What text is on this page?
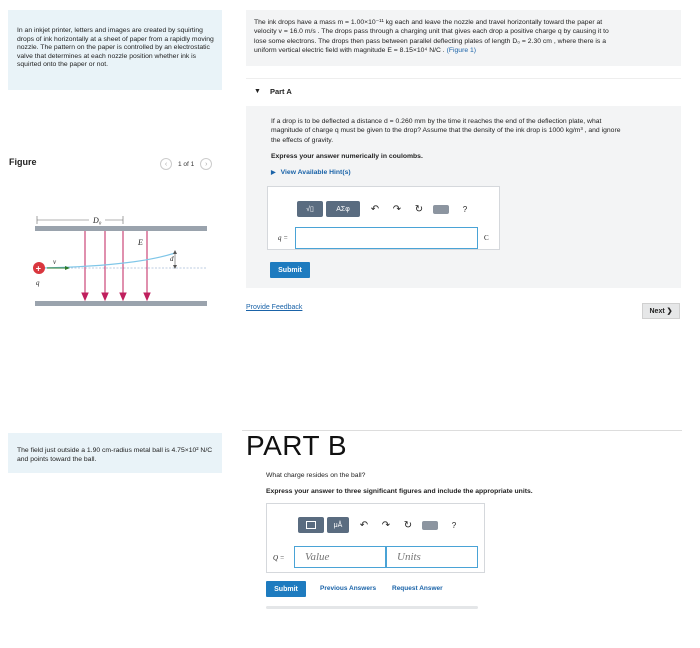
In an inkjet printer, letters and images are created by squirting drops of ink horizontally at a sheet of paper from a rapidly moving nozzle. The pattern on the paper is controlled by an electrostatic valve that determines at each nozzle position whether ink is squirted onto the paper or not.
Figure	‹	1 of 1	›
D₀
E⃗
v⃗	d
+
q
The field just outside a 1.90 cm-radius metal ball is 4.75×10² N/C and points toward the ball.
The ink drops have a mass m = 1.00×10⁻¹¹ kg each and leave the nozzle and travel horizontally toward the paper at
velocity v = 16.0 m/s . The drops pass through a charging unit that gives each drop a positive charge q by causing it to
lose some electrons. The drops then pass between parallel deflecting plates of length D₀ = 2.30 cm , where there is a
uniform vertical electric field with magnitude E = 8.15×10⁴ N/C . (Figure 1)
▼ Part A
If a drop is to be deflected a distance d = 0.260 mm by the time it reaches the end of the deflection plate, what
magnitude of charge q must be given to the drop? Assume that the density of the ink drop is 1000 kg/m³ , and ignore
the effects of gravity.
Express your answer numerically in coulombs.
▶ View Available Hint(s)
√▯	ΑΣφ	↶	↷	↻	?
q =	C
Submit
Provide Feedback
Next ❯
PART B
What charge resides on the ball?
Express your answer to three significant figures and include the appropriate units.
μÅ	↶	↷	↻	?
Q =
Value
Units
Submit	Previous Answers Request Answer
